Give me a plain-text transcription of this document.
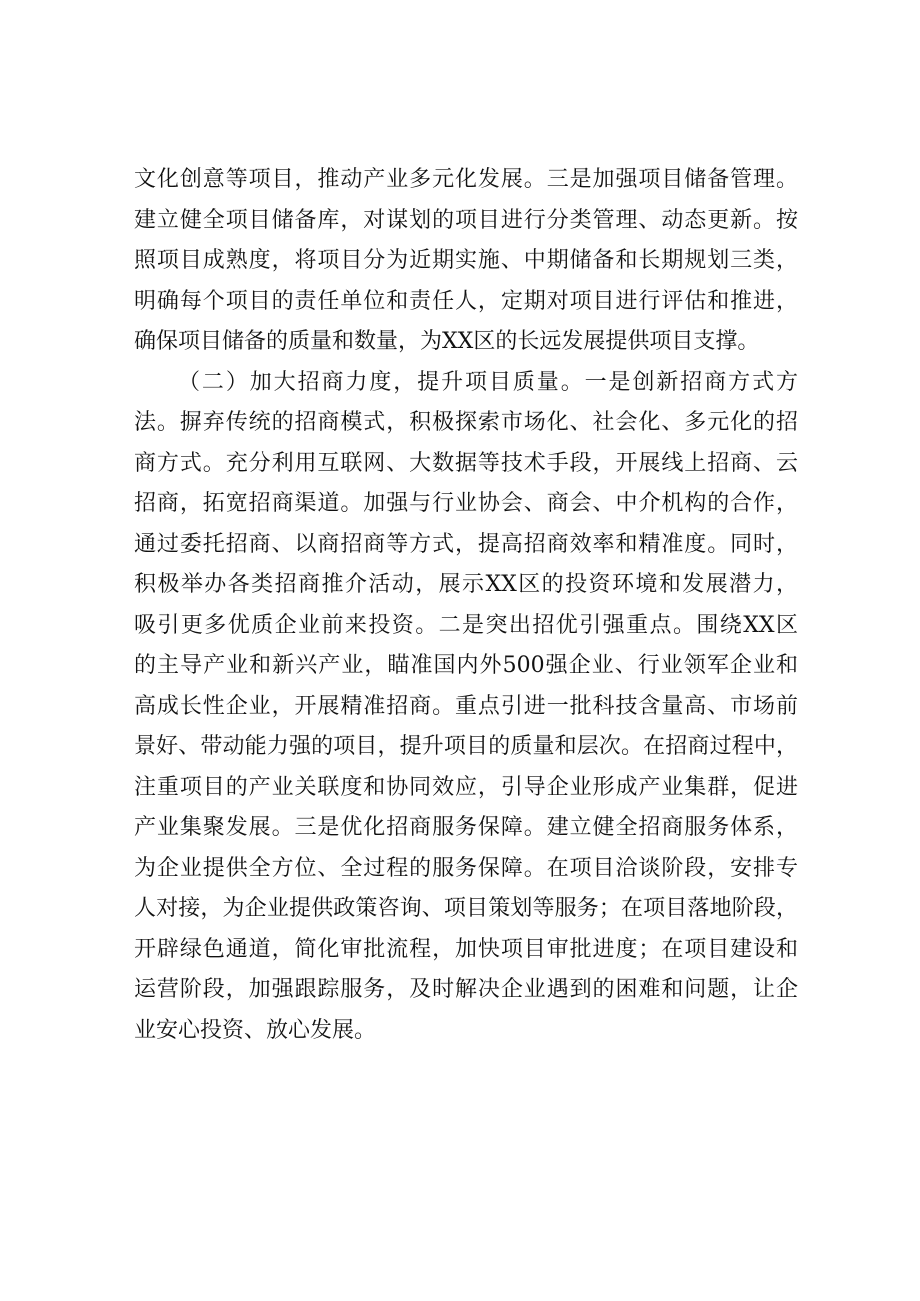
文化创意等项目，推动产业多元化发展。三是加强项目储备管理。
建立健全项目储备库，对谋划的项目进行分类管理、动态更新。按
照项目成熟度，将项目分为近期实施、中期储备和长期规划三类，
明确每个项目的责任单位和责任人，定期对项目进行评估和推进，
确保项目储备的质量和数量，为XX区的长远发展提供项目支撑。
（二）加大招商力度，提升项目质量。一是创新招商方式方
法。摒弃传统的招商模式，积极探索市场化、社会化、多元化的招
商方式。充分利用互联网、大数据等技术手段，开展线上招商、云
招商，拓宽招商渠道。加强与行业协会、商会、中介机构的合作，
通过委托招商、以商招商等方式，提高招商效率和精准度。同时，
积极举办各类招商推介活动，展示XX区的投资环境和发展潜力，
吸引更多优质企业前来投资。二是突出招优引强重点。围绕XX区
的主导产业和新兴产业，瞄准国内外500强企业、行业领军企业和
高成长性企业，开展精准招商。重点引进一批科技含量高、市场前
景好、带动能力强的项目，提升项目的质量和层次。在招商过程中，
注重项目的产业关联度和协同效应，引导企业形成产业集群，促进
产业集聚发展。三是优化招商服务保障。建立健全招商服务体系，
为企业提供全方位、全过程的服务保障。在项目洽谈阶段，安排专
人对接，为企业提供政策咨询、项目策划等服务；在项目落地阶段，
开辟绿色通道，简化审批流程，加快项目审批进度；在项目建设和
运营阶段，加强跟踪服务，及时解决企业遇到的困难和问题，让企
业安心投资、放心发展。
